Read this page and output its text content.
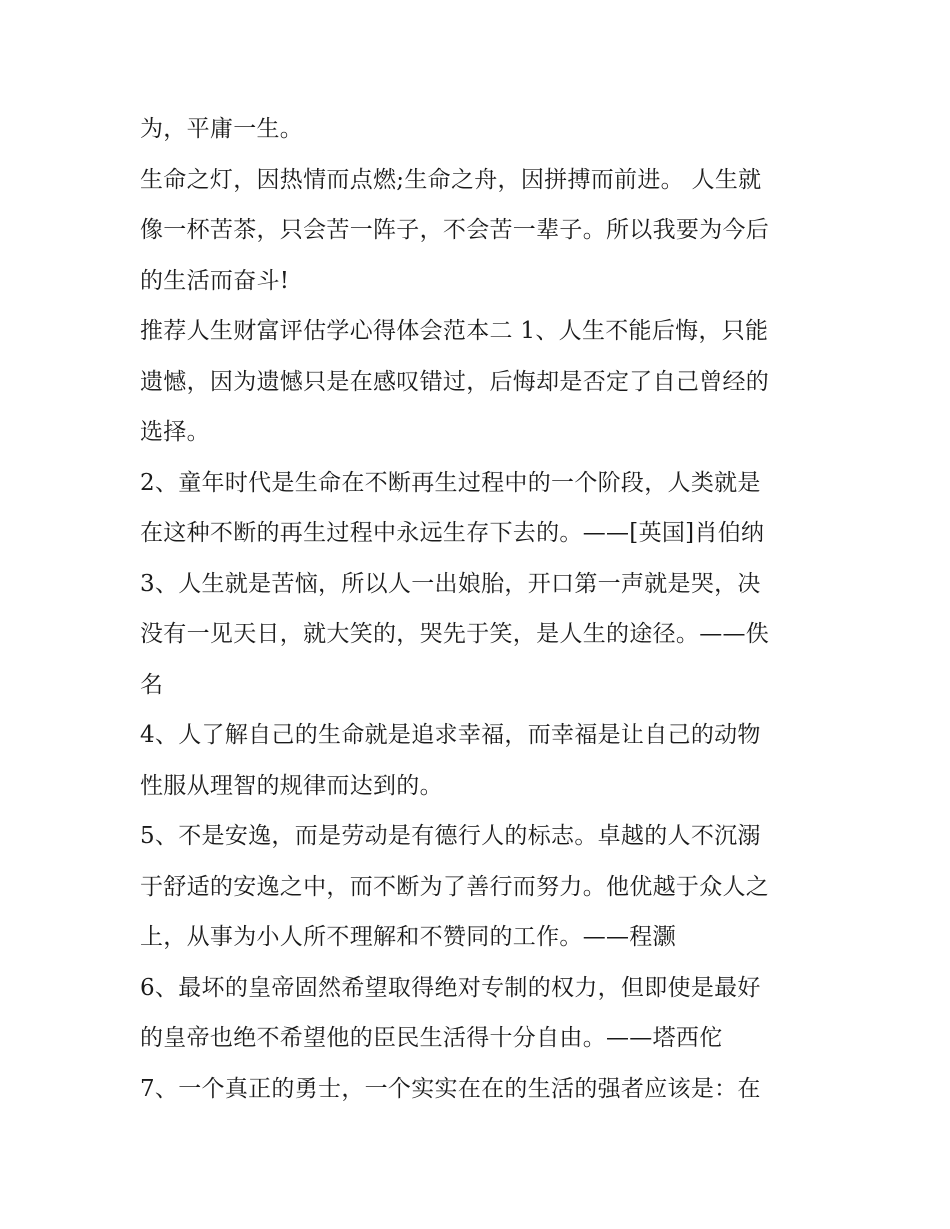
为，平庸一生。
生命之灯，因热情而点燃;生命之舟，因拼搏而前进。 人生就
像一杯苦茶，只会苦一阵子，不会苦一辈子。所以我要为今后
的生活而奋斗!
推荐人生财富评估学心得体会范本二 1、人生不能后悔，只能
遗憾，因为遗憾只是在感叹错过，后悔却是否定了自己曾经的
选择。
2、童年时代是生命在不断再生过程中的一个阶段，人类就是
在这种不断的再生过程中永远生存下去的。——[英国]肖伯纳
3、人生就是苦恼，所以人一出娘胎，开口第一声就是哭，决
没有一见天日，就大笑的，哭先于笑，是人生的途径。——佚
名
4、人了解自己的生命就是追求幸福，而幸福是让自己的动物
性服从理智的规律而达到的。
5、不是安逸，而是劳动是有德行人的标志。卓越的人不沉溺
于舒适的安逸之中，而不断为了善行而努力。他优越于众人之
上，从事为小人所不理解和不赞同的工作。——程灏
6、最坏的皇帝固然希望取得绝对专制的权力，但即使是最好
的皇帝也绝不希望他的臣民生活得十分自由。——塔西佗
7、一个真正的勇士，一个实实在在的生活的强者应该是：在
